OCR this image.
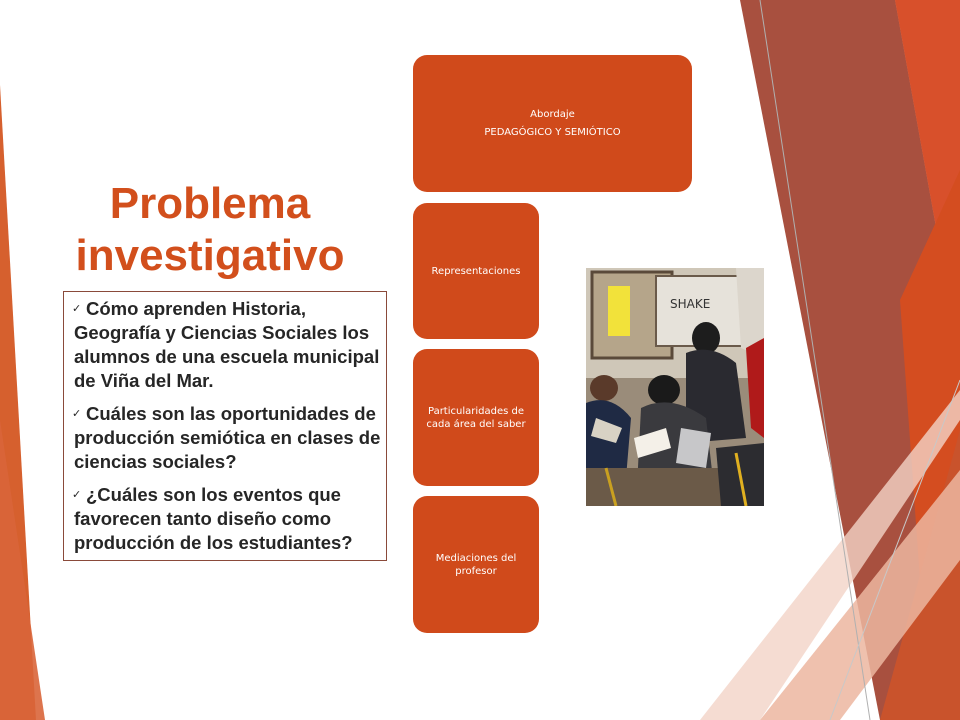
Problema
investigativo
✓ Cómo aprenden Historia, Geografía y Ciencias Sociales los alumnos de una escuela municipal de Viña del Mar.
✓ Cuáles son las oportunidades de producción semiótica en clases de ciencias sociales?
✓ ¿Cuáles son los eventos que favorecen tanto diseño como producción de los estudiantes?
Abordaje
PEDAGÓGICO Y SEMIÓTICO
Representaciones
Particularidades de cada área del saber
Mediaciones del profesor
SHAKE
